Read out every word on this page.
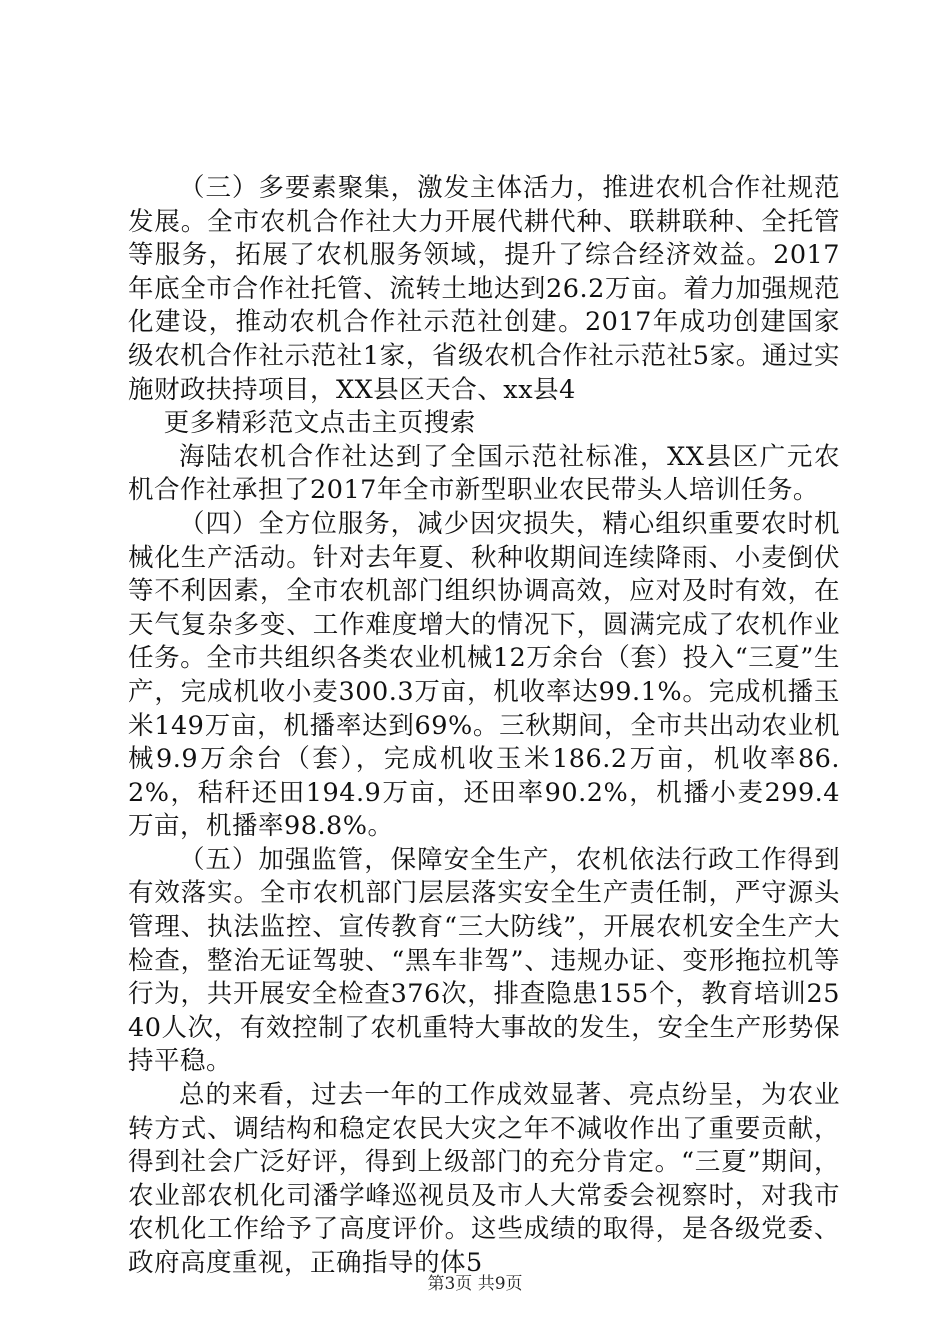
（三）多要素聚集，激发主体活力，推进农机合作社规范发展。全市农机合作社大力开展代耕代种、联耕联种、全托管等服务，拓展了农机服务领域，提升了综合经济效益。2017年底全市合作社托管、流转土地达到26.2万亩。着力加强规范化建设，推动农机合作社示范社创建。2017年成功创建国家级农机合作社示范社1家，省级农机合作社示范社5家。通过实施财政扶持项目，XX县区天合、xx县4

更多精彩范文点击主页搜索

海陆农机合作社达到了全国示范社标准，XX县区广元农机合作社承担了2017年全市新型职业农民带头人培训任务。

（四）全方位服务，减少因灾损失，精心组织重要农时机械化生产活动。针对去年夏、秋种收期间连续降雨、小麦倒伏等不利因素，全市农机部门组织协调高效，应对及时有效，在天气复杂多变、工作难度增大的情况下，圆满完成了农机作业任务。全市共组织各类农业机械12万余台（套）投入“三夏”生产，完成机收小麦300.3万亩，机收率达99.1%。完成机播玉米149万亩，机播率达到69%。三秋期间，全市共出动农业机械9.9万余台（套），完成机收玉米186.2万亩，机收率86.2%，秸秆还田194.9万亩，还田率90.2%，机播小麦299.4万亩，机播率98.8%。

（五）加强监管，保障安全生产，农机依法行政工作得到有效落实。全市农机部门层层落实安全生产责任制，严守源头管理、执法监控、宣传教育“三大防线”，开展农机安全生产大检查，整治无证驾驶、“黑车非驾”、违规办证、变形拖拉机等行为，共开展安全检查376次，排查隐患155个，教育培训2540人次，有效控制了农机重特大事故的发生，安全生产形势保持平稳。

总的来看，过去一年的工作成效显著、亮点纷呈，为农业转方式、调结构和稳定农民大灾之年不减收作出了重要贡献，得到社会广泛好评，得到上级部门的充分肯定。“三夏”期间，农业部农机化司潘学峰巡视员及市人大常委会视察时，对我市农机化工作给予了高度评价。这些成绩的取得，是各级党委、政府高度重视，正确指导的体5

第3页 共9页
